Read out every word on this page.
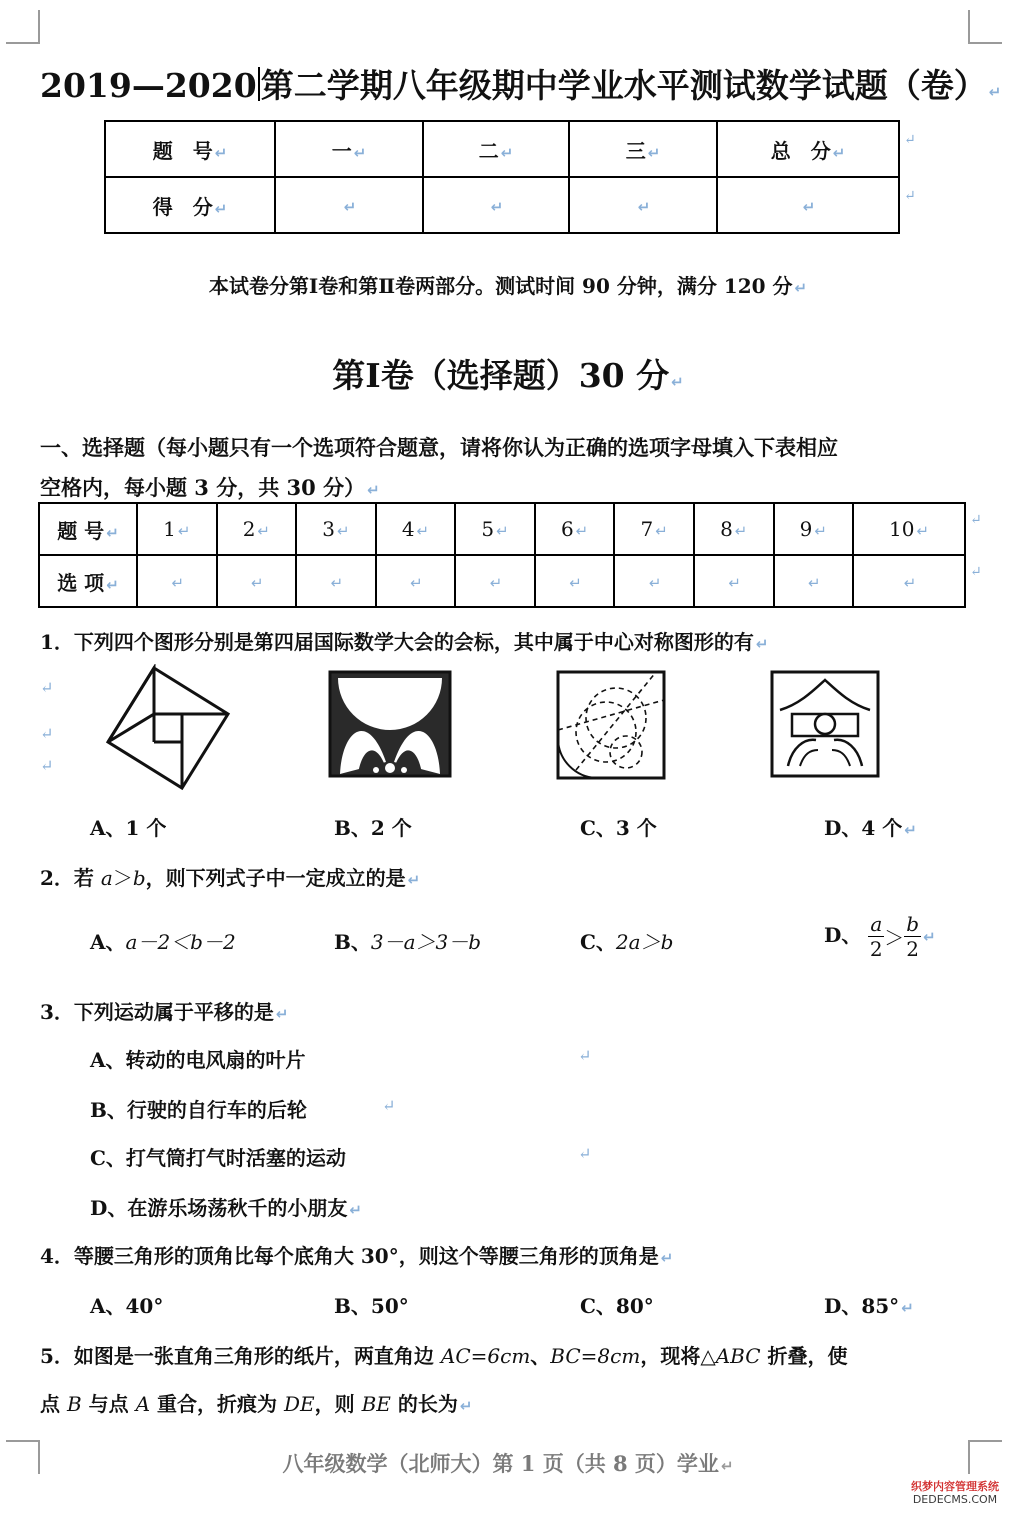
2019—2020 第二学期八年级期中学业水平测试数学试题（卷） ↵
题　号 ↵	一 ↵	二 ↵	三 ↵	总　分 ↵
得　分 ↵	↵	↵	↵	↵
↵
↵
本试卷分第Ⅰ卷和第Ⅱ卷两部分。测试时间 90 分钟，满分 120 分 ↵
第Ⅰ卷（选择题）30 分 ↵
一、选择题（每小题只有一个选项符合题意，请将你认为正确的选项字母填入下表相应
空格内，每小题 3 分，共 30 分） ↵
题 号 ↵	1 ↵	2 ↵	3 ↵	4 ↵	5 ↵	6 ↵	7 ↵	8 ↵	9 ↵	10 ↵
选 项 ↵	↵	↵	↵	↵	↵	↵	↵	↵	↵	↵
↵
↵
1．下列四个图形分别是第四届国际数学大会的会标，其中属于中心对称图形的有 ↵
↵
↵
↵
A、1 个	B、2 个	C、3 个	D、4 个 ↵
2．若 a＞b，则下列式子中一定成立的是 ↵
A、a－2＜b－2	B、3－a＞3－b	C、2a＞b	D、 $\frac{a}{2} > \frac{b}{2}$ ↵
3．下列运动属于平移的是 ↵
A、转动的电风扇的叶片	↵
B、行驶的自行车的后轮	↵
C、打气筒打气时活塞的运动	↵
D、在游乐场荡秋千的小朋友 ↵
4．等腰三角形的顶角比每个底角大 30°，则这个等腰三角形的顶角是 ↵
A、40°	B、50°	C、80°	D、85° ↵
5．如图是一张直角三角形的纸片，两直角边 AC=6cm、BC=8cm，现将△ABC 折叠，使
点 B 与点 A 重合，折痕为 DE，则 BE 的长为 ↵
八年级数学（北师大）第 1 页（共 8 页）学业 ↵
织梦内容管理系统
DEDECMS.COM
